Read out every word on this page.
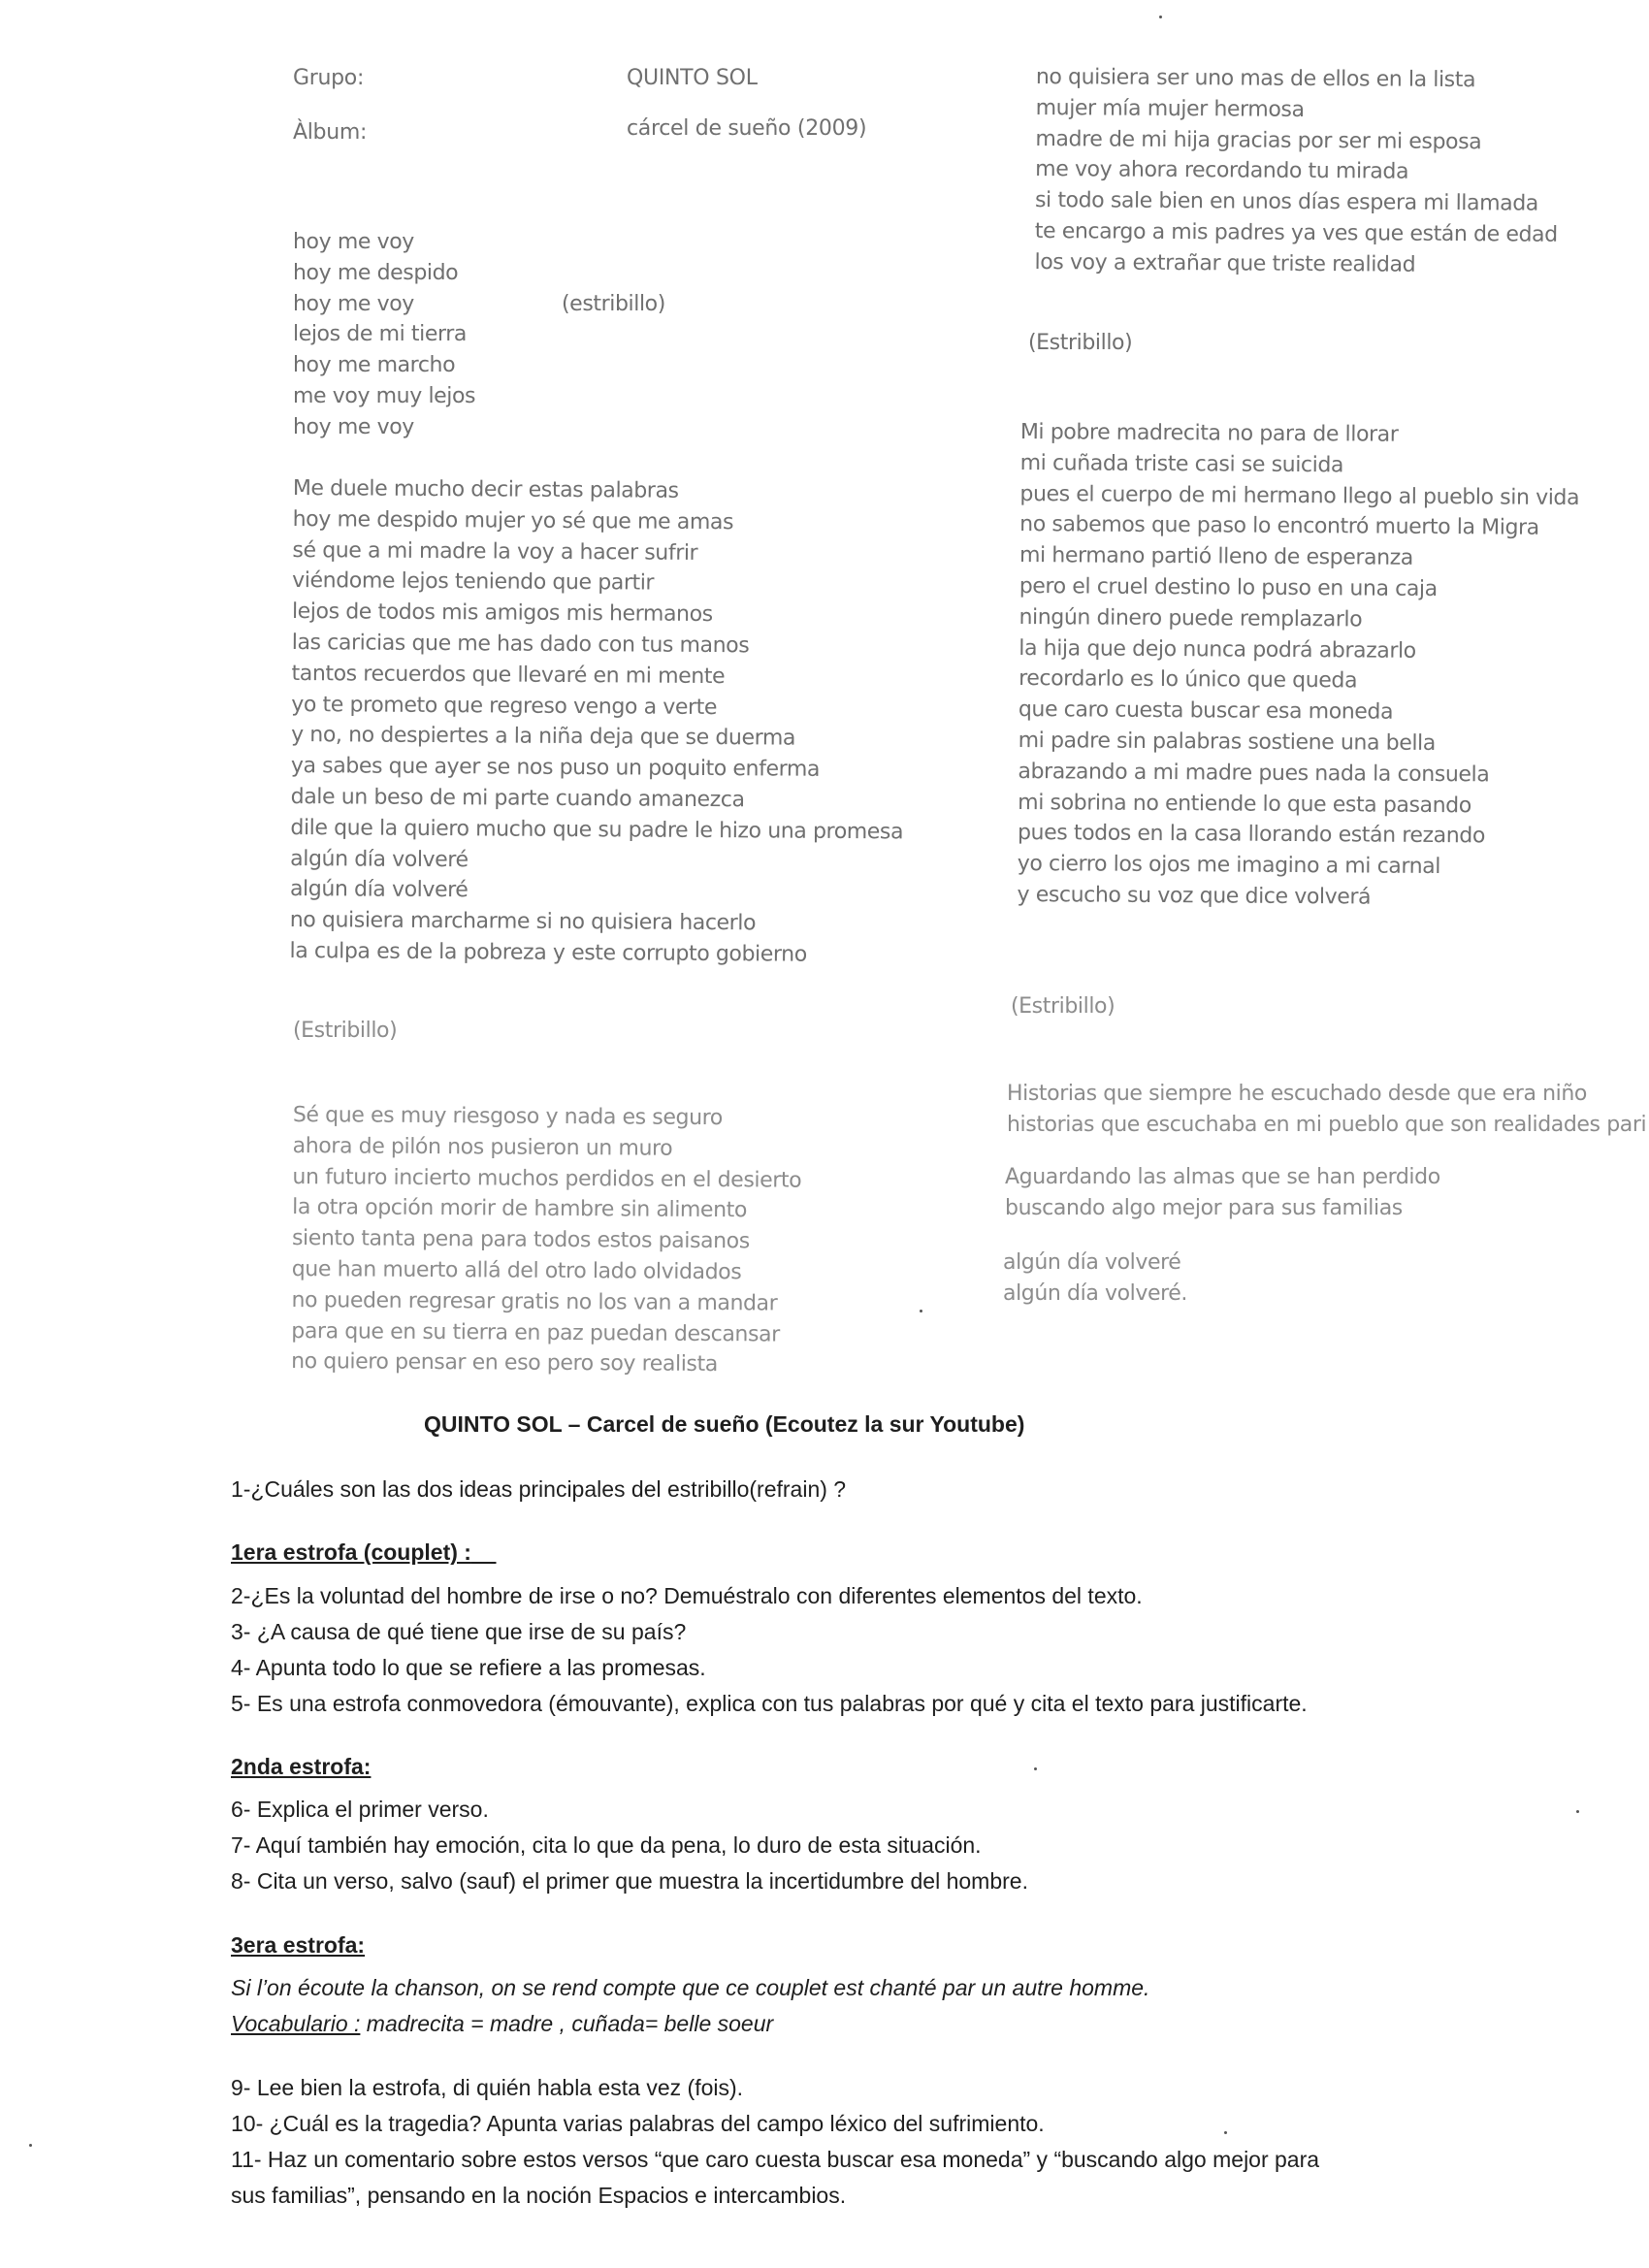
Grupo:	QUINTO SOL
Àlbum:	cárcel de sueño (2009)
hoy me voy
hoy me despido
hoy me voy
lejos de mi tierra
hoy me marcho
me voy muy lejos
hoy me voy
(estribillo)
Me duele mucho decir estas palabras
hoy me despido mujer yo sé que me amas
sé que a mi madre la voy a hacer sufrir
viéndome lejos teniendo que partir
lejos de todos mis amigos mis hermanos
las caricias que me has dado con tus manos
tantos recuerdos que llevaré en mi mente
yo te prometo que regreso vengo a verte
y no, no despiertes a la niña deja que se duerma
ya sabes que ayer se nos puso un poquito enferma
dale un beso de mi parte cuando amanezca
dile que la quiero mucho que su padre le hizo una promesa
algún día volveré
algún día volveré
no quisiera marcharme si no quisiera hacerlo
la culpa es de la pobreza y este corrupto gobierno
(Estribillo)
Sé que es muy riesgoso y nada es seguro
ahora de pilón nos pusieron un muro
un futuro incierto muchos perdidos en el desierto
la otra opción morir de hambre sin alimento
siento tanta pena para todos estos paisanos
que han muerto allá del otro lado olvidados
no pueden regresar gratis no los van a mandar
para que en su tierra en paz puedan descansar
no quiero pensar en eso pero soy realista
no quisiera ser uno mas de ellos en la lista
mujer mía mujer hermosa
madre de mi hija gracias por ser mi esposa
me voy ahora recordando tu mirada
si todo sale bien en unos días espera mi llamada
te encargo a mis padres ya ves que están de edad
los voy a extrañar que triste realidad
(Estribillo)
Mi pobre madrecita no para de llorar
mi cuñada triste casi se suicida
pues el cuerpo de mi hermano llego al pueblo sin vida
no sabemos que paso lo encontró muerto la Migra
mi hermano partió lleno de esperanza
pero el cruel destino lo puso en una caja
ningún dinero puede remplazarlo
la hija que dejo nunca podrá abrazarlo
recordarlo es lo único que queda
que caro cuesta buscar esa moneda
mi padre sin palabras sostiene una bella
abrazando a mi madre pues nada la consuela
mi sobrina no entiende lo que esta pasando
pues todos en la casa llorando están rezando
yo cierro los ojos me imagino a mi carnal
y escucho su voz que dice volverá
(Estribillo)
Historias que siempre he escuchado desde que era niño
historias que escuchaba en mi pueblo que son realidades pari
Aguardando las almas que se han perdido
buscando algo mejor para sus familias
algún día volveré
algún día volveré.
QUINTO SOL – Carcel de sueño (Ecoutez la sur Youtube)
1-¿Cuáles son las dos ideas principales del estribillo(refrain) ?
1era estrofa (couplet) :
2-¿Es la voluntad del hombre de irse o no? Demuéstralo con diferentes elementos del texto.
3- ¿A causa de qué tiene que irse de su país?
4- Apunta todo lo que se refiere a las promesas.
5- Es una estrofa conmovedora (émouvante), explica con tus palabras por qué y cita el texto para justificarte.
2nda estrofa:
6- Explica el primer verso.
7- Aquí también hay emoción, cita lo que da pena, lo duro de esta situación.
8- Cita un verso, salvo (sauf) el primer que muestra la incertidumbre del hombre.
3era estrofa:
Si l’on écoute la chanson, on se rend compte que ce couplet est chanté par un autre homme.
Vocabulario : madrecita = madre , cuñada= belle soeur
9- Lee bien la estrofa, di quién habla esta vez (fois).
10- ¿Cuál es la tragedia? Apunta varias palabras del campo léxico del sufrimiento.
11- Haz un comentario sobre estos versos “que caro cuesta buscar esa moneda” y “buscando algo mejor para
sus familias”, pensando en la noción Espacios e intercambios.
